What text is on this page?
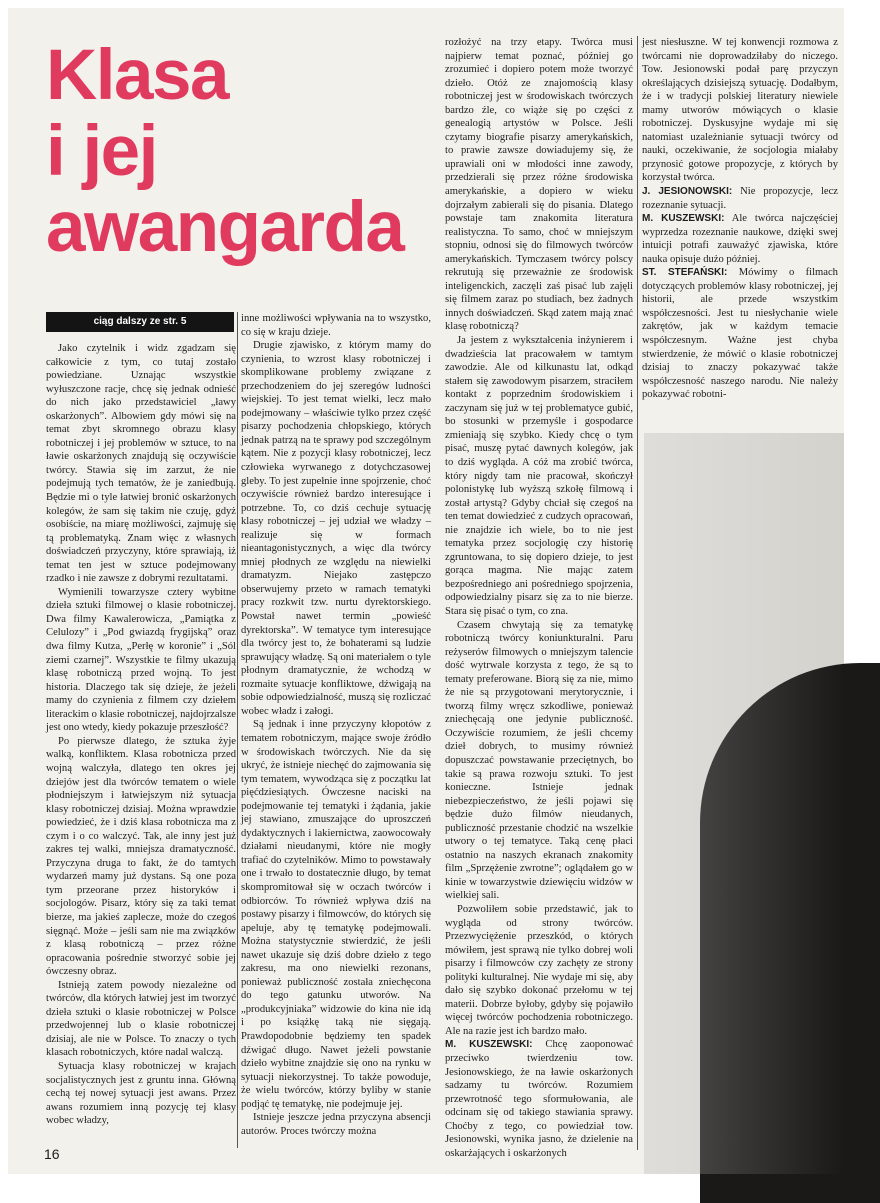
Klasa
i jej
awangarda
ciąg dalszy ze str. 5

Jako czytelnik i widz zgadzam się całkowicie z tym, co tutaj zostało powiedziane. Uznając wszystkie wyłuszczone racje, chcę się jednak odnieść do nich jako przedstawiciel „ławy oskarżonych”. Albowiem gdy mówi się na temat zbyt skromnego obrazu klasy robotniczej i jej problemów w sztuce, to na ławie oskarżonych znajdują się oczywiście twórcy. Stawia się im zarzut, że nie podejmują tych tematów, że je zaniedbują. Będzie mi o tyle łatwiej bronić oskarżonych kolegów, że sam się takim nie czuję, gdyż osobiście, na miarę możliwości, zajmuję się tą problematyką. Znam więc z własnych doświadczeń przyczyny, które sprawiają, iż temat ten jest w sztuce podejmowany rzadko i nie zawsze z dobrymi rezultatami.

Wymienili towarzysze cztery wybitne dzieła sztuki filmowej o klasie robotniczej. Dwa filmy Kawalerowicza, „Pamiątka z Celulozy” i „Pod gwiazdą frygijską” oraz dwa filmy Kutza, „Perłę w koronie” i „Sól ziemi czarnej”. Wszystkie te filmy ukazują klasę robotniczą przed wojną. To jest historia. Dlaczego tak się dzieje, że jeżeli mamy do czynienia z filmem czy dziełem literackim o klasie robotniczej, najdojrzalsze jest ono wtedy, kiedy pokazuje przeszłość?

Po pierwsze dlatego, że sztuka żyje walką, konfliktem. Klasa robotnicza przed wojną walczyła, dlatego ten okres jej dziejów jest dla twórców tematem o wiele płodniejszym i łatwiejszym niż sytuacja klasy robotniczej dzisiaj. Można wprawdzie powiedzieć, że i dziś klasa robotnicza ma z czym i o co walczyć. Tak, ale inny jest już zakres tej walki, mniejsza dramatyczność. Przyczyna druga to fakt, że do tamtych wydarzeń mamy już dystans. Są one poza tym przeorane przez historyków i socjologów. Pisarz, który się za taki temat bierze, ma jakieś zaplecze, może do czegoś sięgnąć. Może – jeśli sam nie ma związków z klasą robotniczą – przez różne opracowania pośrednie stworzyć sobie jej ówczesny obraz.

Istnieją zatem powody niezależne od twórców, dla których łatwiej jest im tworzyć dzieła sztuki o klasie robotniczej w Polsce przedwojennej lub o klasie robotniczej dzisiaj, ale nie w Polsce. To znaczy o tych klasach robotniczych, które nadal walczą.

Sytuacja klasy robotniczej w krajach socjalistycznych jest z gruntu inna. Główną cechą tej nowej sytuacji jest awans. Przez awans rozumiem inną pozycję tej klasy wobec władzy,

inne możliwości wpływania na to wszystko, co się w kraju dzieje.

Drugie zjawisko, z którym mamy do czynienia, to wzrost klasy robotniczej i skomplikowane problemy związane z przechodzeniem do jej szeregów ludności wiejskiej. To jest temat wielki, lecz mało podejmowany – właściwie tylko przez część pisarzy pochodzenia chłopskiego, których jednak patrzą na te sprawy pod szczególnym kątem. Nie z pozycji klasy robotniczej, lecz człowieka wyrwanego z dotychczasowej gleby. To jest zupełnie inne spojrzenie, choć oczywiście również bardzo interesujące i potrzebne. To, co dziś cechuje sytuację klasy robotniczej – jej udział we władzy – realizuje się w formach nieantagonistycznych, a więc dla twórcy mniej płodnych ze względu na niewielki dramatyzm. Niejako zastępczo obserwujemy przeto w ramach tematyki pracy rozkwit tzw. nurtu dyrektorskiego. Powstał nawet termin „powieść dyrektorska”. W tematyce tym interesujące dla twórcy jest to, że bohaterami są ludzie sprawujący władzę. Są oni materiałem o tyle płodnym dramatycznie, że wchodzą w rozmaite sytuacje konfliktowe, dźwigają na sobie odpowiedzialność, muszą się rozliczać wobec władz i załogi.

Są jednak i inne przyczyny kłopotów z tematem robotniczym, mające swoje źródło w środowiskach twórczych. Nie da się ukryć, że istnieje niechęć do zajmowania się tym tematem, wywodząca się z początku lat pięćdziesiątych. Ówczesne naciski na podejmowanie tej tematyki i żądania, jakie jej stawiano, zmuszające do uproszczeń dydaktycznych i lakiernictwa, zaowocowały działami nieudanymi, które nie mogły trafiać do czytelników. Mimo to powstawały one i trwało to dostatecznie długo, by temat skompromitował się w oczach twórców i odbiorców. To również wpływa dziś na postawy pisarzy i filmowców, do których się apeluje, aby tę tematykę podejmowali. Można statystycznie stwierdzić, że jeśli nawet ukazuje się dziś dobre dzieło z tego zakresu, ma ono niewielki rezonans, ponieważ publiczność została zniechęcona do tego gatunku utworów. Na „produkcyjniaka” widzowie do kina nie idą i po książkę taką nie sięgają. Prawdopodobnie będziemy ten spadek dźwigać długo. Nawet jeżeli powstanie dzieło wybitne znajdzie się ono na rynku w sytuacji niekorzystnej. To także powoduje, że wielu twórców, którzy byliby w stanie podjąć tę tematykę, nie podejmuje jej.

Istnieje jeszcze jedna przyczyna absencji autorów. Proces twórczy można

rozłożyć na trzy etapy. Twórca musi najpierw temat poznać, później go zrozumieć i dopiero potem może tworzyć dzieło. Otóż ze znajomością klasy robotniczej jest w środowiskach twórczych bardzo źle, co wiąże się po części z genealogią artystów w Polsce. Jeśli czytamy biografie pisarzy amerykańskich, to prawie zawsze dowiadujemy się, że uprawiali oni w młodości inne zawody, przedzierali się przez różne środowiska amerykańskie, a dopiero w wieku dojrzałym zabierali się do pisania. Dlatego powstaje tam znakomita literatura realistyczna. To samo, choć w mniejszym stopniu, odnosi się do filmowych twórców amerykańskich. Tymczasem twórcy polscy rekrutują się przeważnie ze środowisk inteligenckich, zaczęli zaś pisać lub zajęli się filmem zaraz po studiach, bez żadnych innych doświadczeń. Skąd zatem mają znać klasę robotniczą?

Ja jestem z wykształcenia inżynierem i dwadzieścia lat pracowałem w tamtym zawodzie. Ale od kilkunastu lat, odkąd stałem się zawodowym pisarzem, straciłem kontakt z poprzednim środowiskiem i zaczynam się już w tej problematyce gubić, bo stosunki w przemyśle i gospodarce zmieniają się szybko. Kiedy chcę o tym pisać, muszę pytać dawnych kolegów, jak to dziś wygląda. A cóż ma zrobić twórca, który nigdy tam nie pracował, skończył polonistykę lub wyższą szkołę filmową i został artystą? Gdyby chciał się czegoś na ten temat dowiedzieć z cudzych opracowań, nie znajdzie ich wiele, bo to nie jest tematyka przez socjologię czy historię zgruntowana, to się dopiero dzieje, to jest gorąca magma. Nie mając zatem bezpośredniego ani pośredniego spojrzenia, odpowiedzialny pisarz się za to nie bierze. Stara się pisać o tym, co zna.

Czasem chwytają się za tematykę robotniczą twórcy koniunkturalni. Paru reżyserów filmowych o mniejszym talencie dość wytrwale korzysta z tego, że są to tematy preferowane. Biorą się za nie, mimo że nie są przygotowani merytorycznie, i tworzą filmy wręcz szkodliwe, ponieważ zniechęcają one jedynie publiczność. Oczywiście rozumiem, że jeśli chcemy dzieł dobrych, to musimy również dopuszczać powstawanie przeciętnych, bo takie są prawa rozwoju sztuki. To jest konieczne. Istnieje jednak niebezpieczeństwo, że jeśli pojawi się będzie dużo filmów nieudanych, publiczność przestanie chodzić na wszelkie utwory o tej tematyce. Taką cenę płaci ostatnio na naszych ekranach znakomity film „Sprzężenie zwrotne”; oglądałem go w kinie w towarzystwie dziewięciu widzów w wielkiej sali.

Pozwoliłem sobie przedstawić, jak to wygląda od strony twórców. Przezwyciężenie przeszkód, o których mówiłem, jest sprawą nie tylko dobrej woli pisarzy i filmowców czy zachęty ze strony polityki kulturalnej. Nie wydaje mi się, aby dało się szybko dokonać przełomu w tej materii. Dobrze byłoby, gdyby się pojawiło więcej twórców pochodzenia robotniczego. Ale na razie jest ich bardzo mało.

M. KUSZEWSKI: Chcę zaoponować przeciwko twierdzeniu tow. Jesionowskiego, że na ławie oskarżonych sadzamy tu twórców. Rozumiem przewrotność tego sformułowania, ale odcinam się od takiego stawiania sprawy. Choćby z tego, co powiedział tow. Jesionowski, wynika jasno, że dzielenie na oskarżających i oskarżonych

jest niesłuszne. W tej konwencji rozmowa z twórcami nie doprowadziłaby do niczego. Tow. Jesionowski podał parę przyczyn określających dzisiejszą sytuację. Dodałbym, że i w tradycji polskiej literatury niewiele mamy utworów mówiących o klasie robotniczej. Dyskusyjne wydaje mi się natomiast uzależnianie sytuacji twórcy od nauki, oczekiwanie, że socjologia miałaby przynosić gotowe propozycje, z których by korzystał twórca.

J. JESIONOWSKI: Nie propozycje, lecz rozeznanie sytuacji.

M. KUSZEWSKI: Ale twórca najczęściej wyprzedza rozeznanie naukowe, dzięki swej intuicji potrafi zauważyć zjawiska, które nauka opisuje dużo później.

ST. STEFAŃSKI: Mówimy o filmach dotyczących problemów klasy robotniczej, jej historii, ale przede wszystkim współczesności. Jest tu niesłychanie wiele zakrętów, jak w każdym temacie współczesnym. Ważne jest chyba stwierdzenie, że mówić o klasie robotniczej dzisiaj to znaczy pokazywać także współczesność naszego narodu. Nie należy pokazywać robotni-

16
